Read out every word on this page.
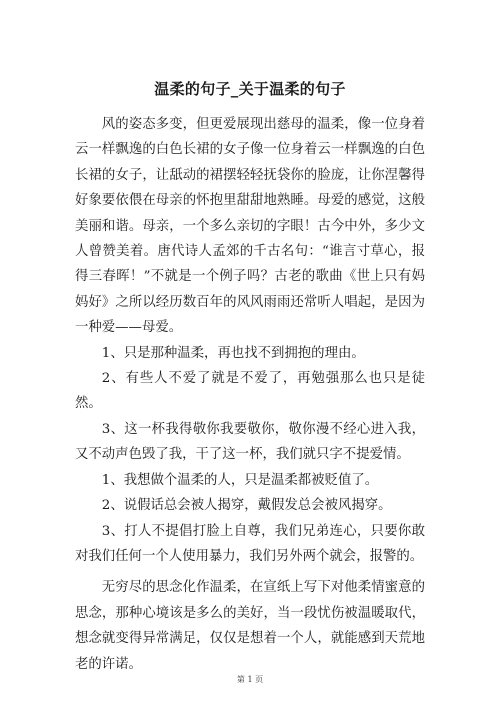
温柔的句子_关于温柔的句子

风的姿态多变，但更爱展现出慈母的温柔，像一位身着云一样飘逸的白色长裙的女子像一位身着云一样飘逸的白色长裙的女子，让舐动的裙摆轻轻抚袋你的脸庞，让你涅馨得好象要依偎在母亲的怀抱里甜甜地熟睡。母爱的感觉，这般美丽和谐。母亲，一个多么亲切的字眼！古今中外，多少文人曾赞美着。唐代诗人孟郊的千古名句：“谁言寸草心，报得三春晖！”不就是一个例子吗？古老的歌曲《世上只有妈妈好》之所以经历数百年的风风雨雨还常听人唱起，是因为一种爱——母爱。

1、只是那种温柔，再也找不到拥抱的理由。

2、有些人不爱了就是不爱了，再勉强那么也只是徒然。

3、这一杯我得敬你我要敬你，敬你漫不经心进入我，又不动声色毁了我，干了这一杯，我们就只字不提爱情。

1、我想做个温柔的人，只是温柔都被贬值了。

2、说假话总会被人揭穿，戴假发总会被风揭穿。

3、打人不提倡打脸上自尊，我们兄弟连心，只要你敢对我们任何一个人使用暴力，我们另外两个就会，报警的。

无穷尽的思念化作温柔，在宣纸上写下对他柔情蜜意的思念，那种心境该是多么的美好，当一段忧伤被温暖取代，想念就变得异常满足，仅仅是想着一个人，就能感到天荒地老的许诺。

第 1 页
